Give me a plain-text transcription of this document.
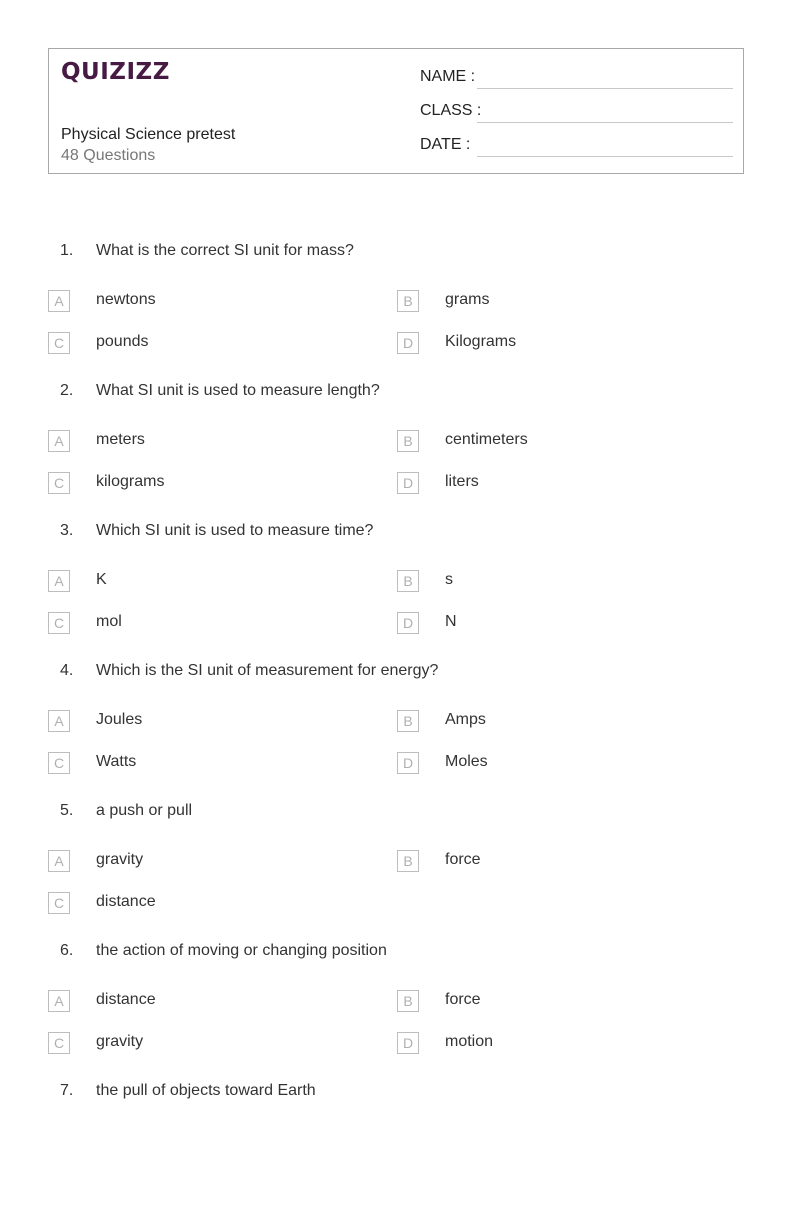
QUIZIZZ
Physical Science pretest
48 Questions
NAME :
CLASS :
DATE :
1. What is the correct SI unit for mass?
A	newtons	B	grams
C	pounds	D	Kilograms
2. What SI unit is used to measure length?
A	meters	B	centimeters
C	kilograms	D	liters
3. Which SI unit is used to measure time?
A	K	B	s
C	mol	D	N
4. Which is the SI unit of measurement for energy?
A	Joules	B	Amps
C	Watts	D	Moles
5. a push or pull
A	gravity	B	force
C	distance
6. the action of moving or changing position
A	distance	B	force
C	gravity	D	motion
7. the pull of objects toward Earth
